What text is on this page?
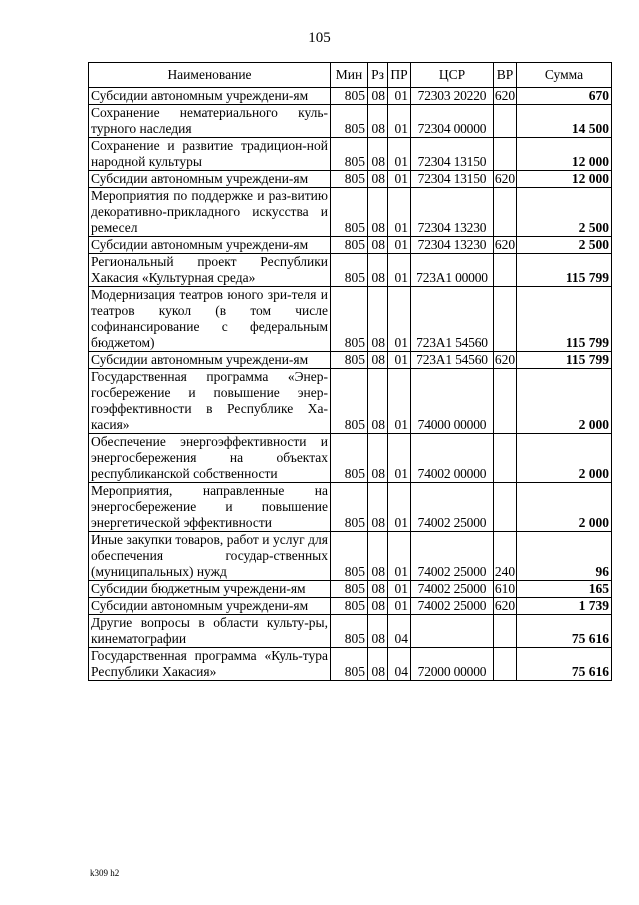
105
Наименование	Мин	Рз	ПР	ЦСР	ВР	Сумма
Субсидии автономным учреждени-ям	805	08	01	72303 20220	620	670
Сохранение нематериального куль-турного наследия	805	08	01	72304 00000		14 500
Сохранение и развитие традицион-ной народной культуры	805	08	01	72304 13150		12 000
Субсидии автономным учреждени-ям	805	08	01	72304 13150	620	12 000
Мероприятия по поддержке и раз-витию декоративно-прикладного искусства и ремесел	805	08	01	72304 13230		2 500
Субсидии автономным учреждени-ям	805	08	01	72304 13230	620	2 500
Региональный проект Республики Хакасия «Культурная среда»	805	08	01	723А1 00000		115 799
Модернизация театров юного зри-теля и театров кукол (в том числе софинансирование с федеральным бюджетом)	805	08	01	723А1 54560		115 799
Субсидии автономным учреждени-ям	805	08	01	723А1 54560	620	115 799
Государственная программа «Энер-госбережение и повышение энер-гоэффективности в Республике Ха-касия»	805	08	01	74000 00000		2 000
Обеспечение энергоэффективности и энергосбережения на объектах республиканской собственности	805	08	01	74002 00000		2 000
Мероприятия, направленные на энергосбережение и повышение энергетической эффективности	805	08	01	74002 25000		2 000
Иные закупки товаров, работ и услуг для обеспечения государ-ственных (муниципальных) нужд	805	08	01	74002 25000	240	96
Субсидии бюджетным учреждени-ям	805	08	01	74002 25000	610	165
Субсидии автономным учреждени-ям	805	08	01	74002 25000	620	1 739
Другие вопросы в области культу-ры, кинематографии	805	08	04			75 616
Государственная программа «Куль-тура Республики Хакасия»	805	08	04	72000 00000		75 616
k309 h2
